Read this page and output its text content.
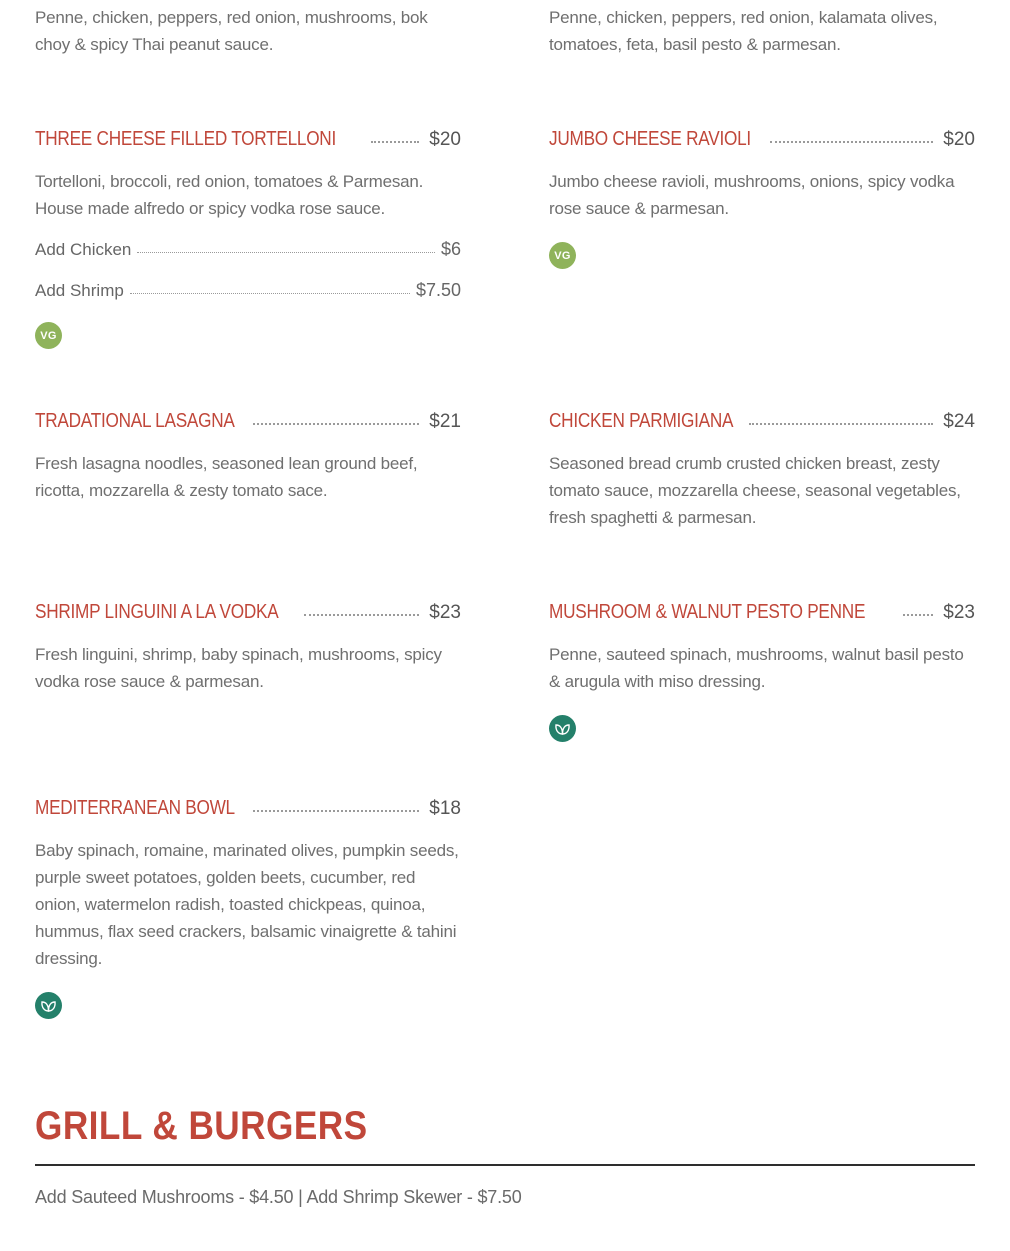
Penne, chicken, peppers, red onion, mushrooms, bok choy & spicy Thai peanut sauce.
Penne, chicken, peppers, red onion, kalamata olives, tomatoes, feta, basil pesto & parmesan.
THREE CHEESE FILLED TORTELLONI	$20
Tortelloni, broccoli, red onion, tomatoes & Parmesan. House made alfredo or spicy vodka rose sauce.
Add Chicken	$6
Add Shrimp	$7.50
VG
JUMBO CHEESE RAVIOLI	$20
Jumbo cheese ravioli, mushrooms, onions, spicy vodka rose sauce & parmesan.
VG
TRADATIONAL LASAGNA	$21
Fresh lasagna noodles, seasoned lean ground beef, ricotta, mozzarella & zesty tomato sace.
CHICKEN PARMIGIANA	$24
Seasoned bread crumb crusted chicken breast, zesty tomato sauce, mozzarella cheese, seasonal vegetables, fresh spaghetti & parmesan.
SHRIMP LINGUINI A LA VODKA	$23
Fresh linguini, shrimp, baby spinach, mushrooms, spicy vodka rose sauce & parmesan.
MUSHROOM & WALNUT PESTO PENNE	$23
Penne, sauteed spinach, mushrooms, walnut basil pesto & arugula with miso dressing.
MEDITERRANEAN BOWL	$18
Baby spinach, romaine, marinated olives, pumpkin seeds, purple sweet potatoes, golden beets, cucumber, red onion, watermelon radish, toasted chickpeas, quinoa, hummus, flax seed crackers, balsamic vinaigrette & tahini dressing.
GRILL & BURGERS
Add Sauteed Mushrooms - $4.50 | Add Shrimp Skewer - $7.50
